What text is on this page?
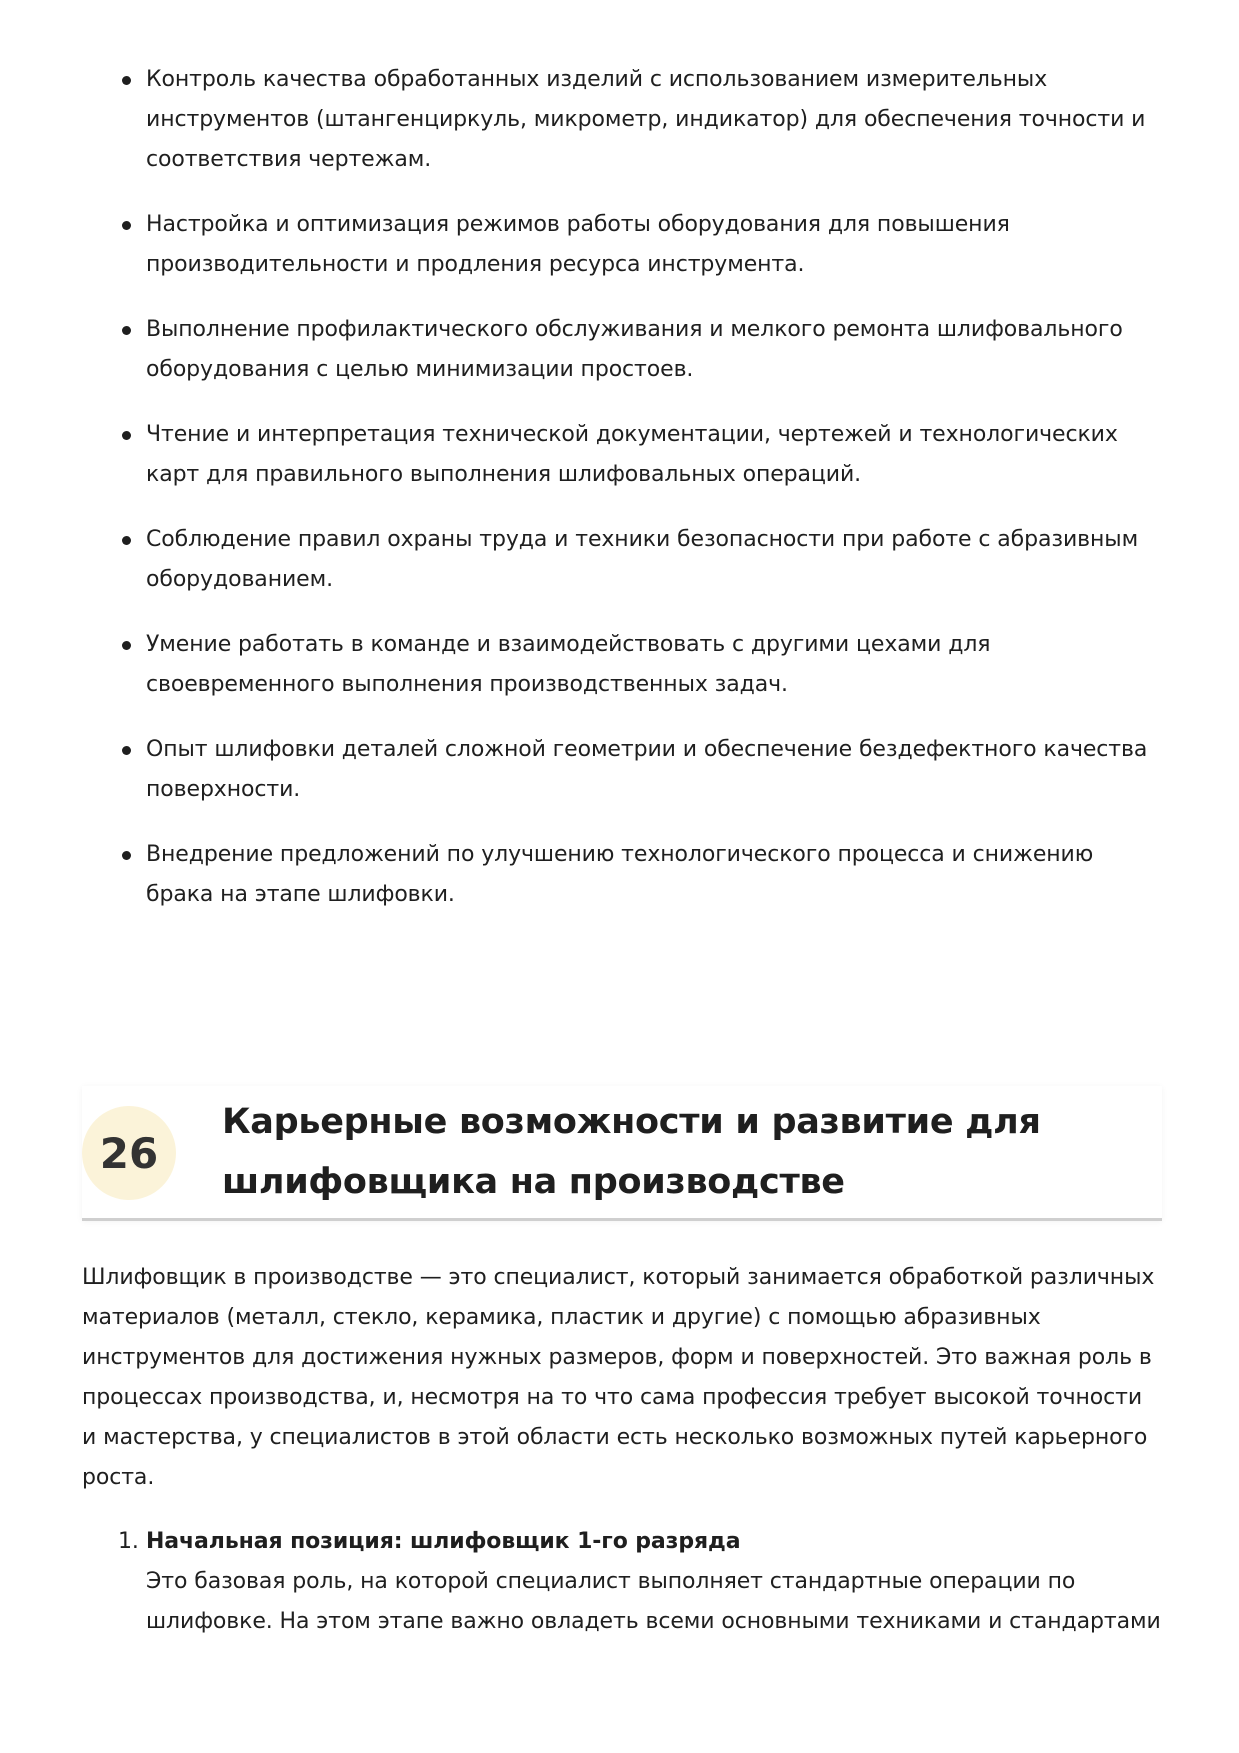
Контроль качества обработанных изделий с использованием измерительных инструментов (штангенциркуль, микрометр, индикатор) для обеспечения точности и соответствия чертежам.
Настройка и оптимизация режимов работы оборудования для повышения производительности и продления ресурса инструмента.
Выполнение профилактического обслуживания и мелкого ремонта шлифовального оборудования с целью минимизации простоев.
Чтение и интерпретация технической документации, чертежей и технологических карт для правильного выполнения шлифовальных операций.
Соблюдение правил охраны труда и техники безопасности при работе с абразивным оборудованием.
Умение работать в команде и взаимодействовать с другими цехами для своевременного выполнения производственных задач.
Опыт шлифовки деталей сложной геометрии и обеспечение бездефектного качества поверхности.
Внедрение предложений по улучшению технологического процесса и снижению брака на этапе шлифовки.
26
Карьерные возможности и развитие для шлифовщика на производстве

Шлифовщик в производстве — это специалист, который занимается обработкой различных материалов (металл, стекло, керамика, пластик и другие) с помощью абразивных инструментов для достижения нужных размеров, форм и поверхностей. Это важная роль в процессах производства, и, несмотря на то что сама профессия требует высокой точности и мастерства, у специалистов в этой области есть несколько возможных путей карьерного роста.

1. Начальная позиция: шлифовщик 1-го разряда
Это базовая роль, на которой специалист выполняет стандартные операции по шлифовке. На этом этапе важно овладеть всеми основными техниками и стандартами
